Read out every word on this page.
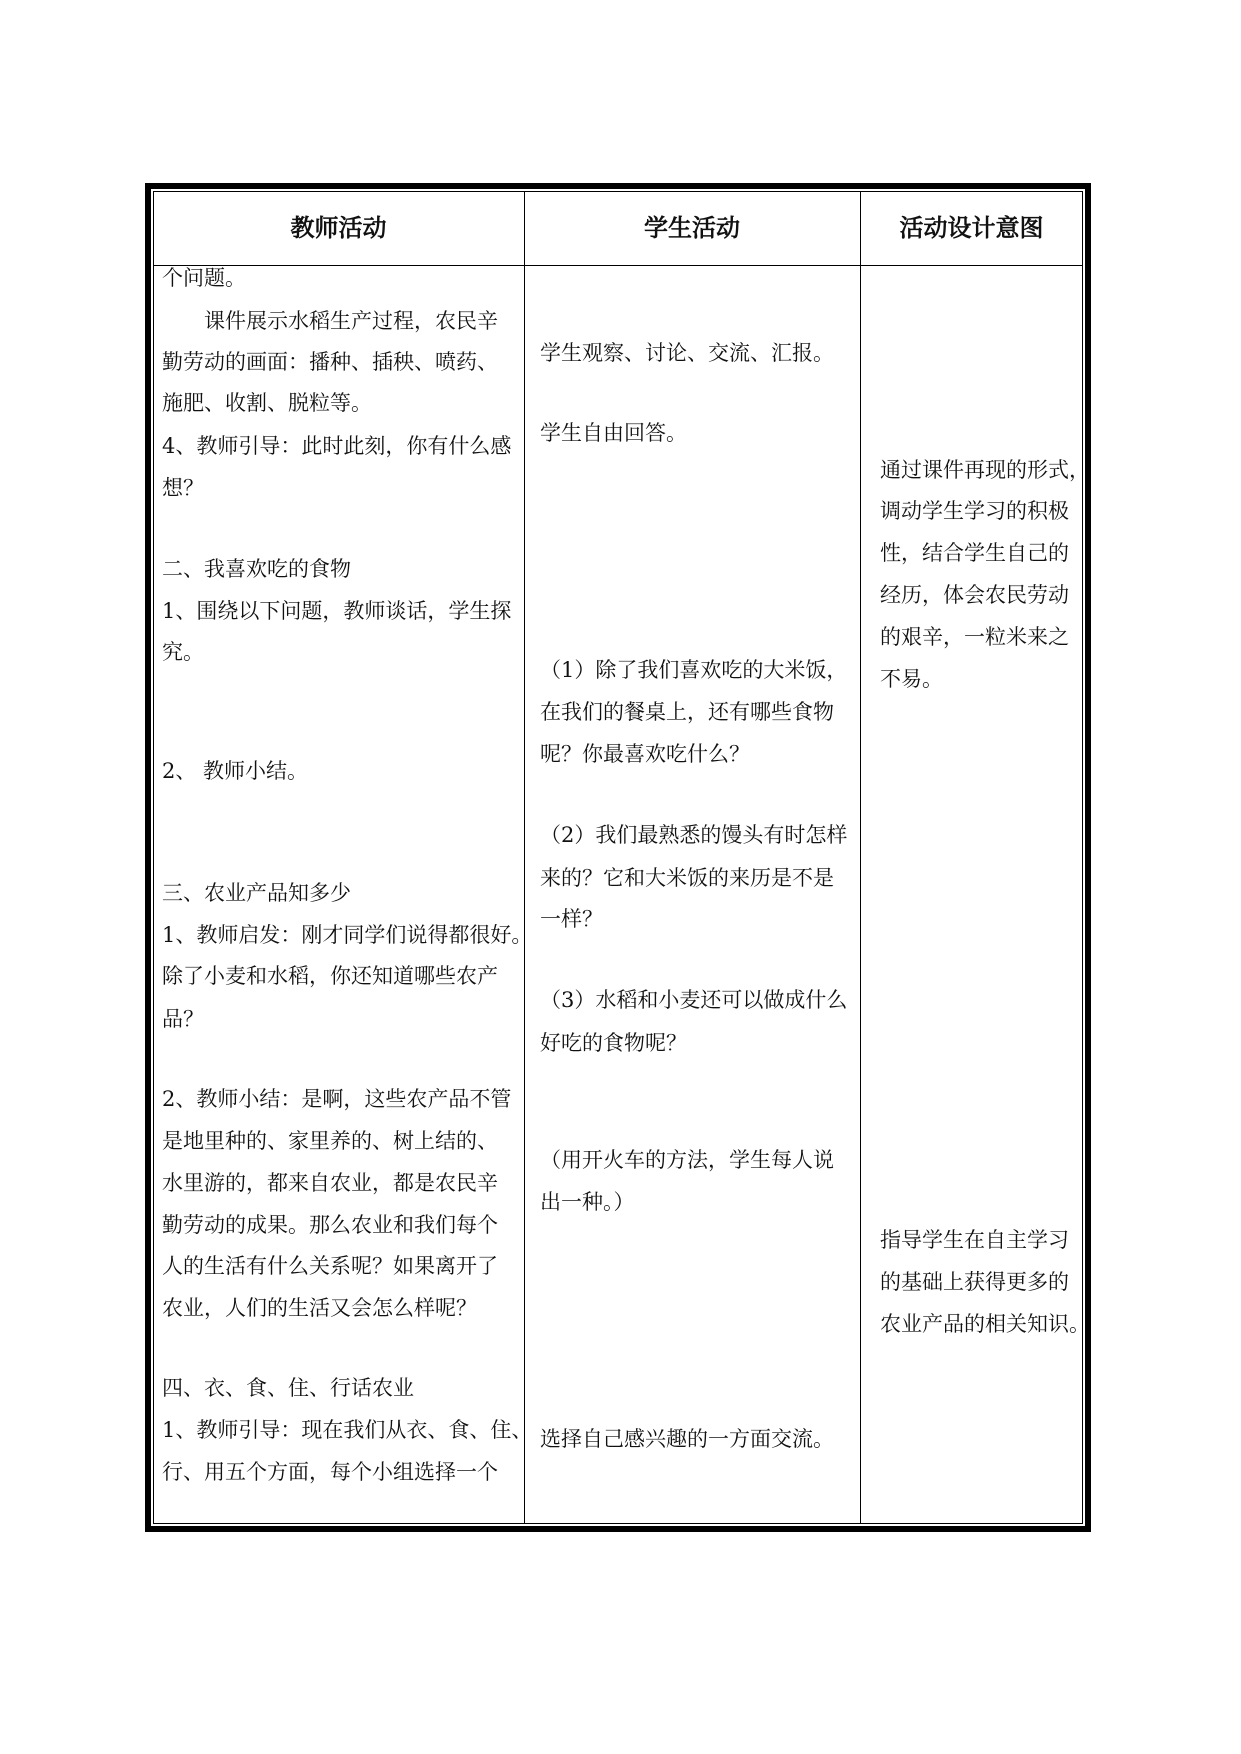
教师活动	学生活动	活动设计意图
个问题。
　　课件展示水稻生产过程，农民辛
勤劳动的画面：播种、插秧、喷药、
施肥、收割、脱粒等。
4、教师引导：此时此刻，你有什么感
想？
二、我喜欢吃的食物
1、围绕以下问题，教师谈话，学生探
究。
2、 教师小结。
三、农业产品知多少
1、教师启发：刚才同学们说得都很好。
除了小麦和水稻，你还知道哪些农产
品？
2、教师小结：是啊，这些农产品不管
是地里种的、家里养的、树上结的、
水里游的，都来自农业，都是农民辛
勤劳动的成果。那么农业和我们每个
人的生活有什么关系呢？如果离开了
农业，人们的生活又会怎么样呢？
四、衣、食、住、行话农业
1、教师引导：现在我们从衣、食、住、
行、用五个方面，每个小组选择一个
学生观察、讨论、交流、汇报。
学生自由回答。
（1）除了我们喜欢吃的大米饭，
在我们的餐桌上，还有哪些食物
呢？你最喜欢吃什么？
（2）我们最熟悉的馒头有时怎样
来的？它和大米饭的来历是不是
一样？
（3）水稻和小麦还可以做成什么
好吃的食物呢？
（用开火车的方法，学生每人说
出一种。）
选择自己感兴趣的一方面交流。
通过课件再现的形式，
调动学生学习的积极
性，结合学生自己的
经历，体会农民劳动
的艰辛，一粒米来之
不易。
指导学生在自主学习
的基础上获得更多的
农业产品的相关知识。
